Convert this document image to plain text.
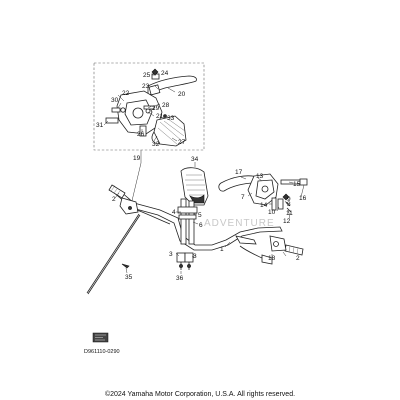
ADVENTURE
25 24
23
20
22
30
29 28
21 33
31
26
32	27
19	34
17
13
7
15
16
14
9
8
10 11
12
2
4	5
6
1
3	3
36
18	2
35
D961110-0290
©2024 Yamaha Motor Corporation, U.S.A. All rights reserved.
